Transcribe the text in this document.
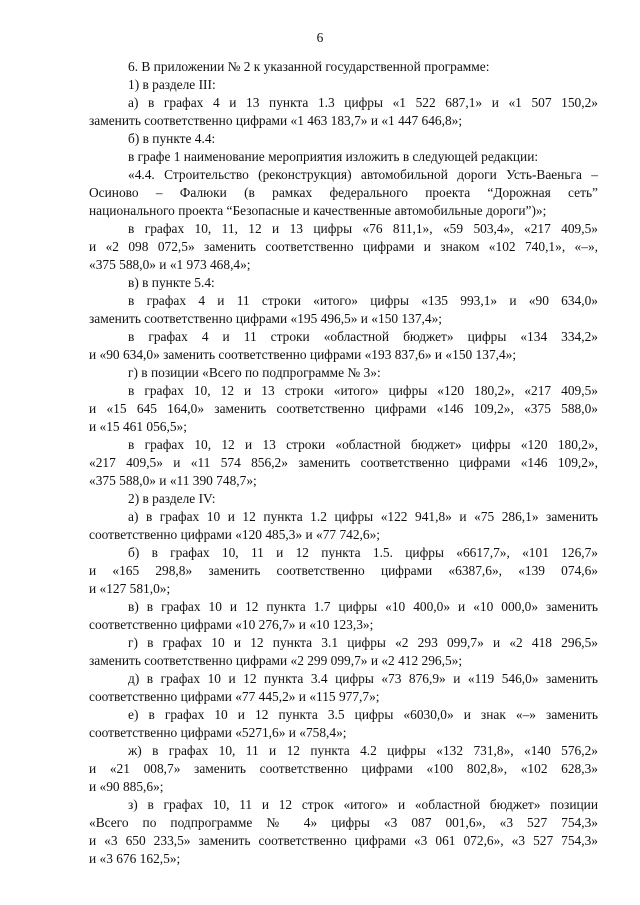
6
6. В приложении № 2 к указанной государственной программе:
1) в разделе III:
а) в графах 4 и 13 пункта 1.3 цифры «1 522 687,1» и «1 507 150,2»
заменить соответственно цифрами «1 463 183,7» и «1 447 646,8»;
б) в пункте 4.4:
в графе 1 наименование мероприятия изложить в следующей редакции:
«4.4. Строительство (реконструкция) автомобильной дороги Усть-Ваеньга –
Осиново – Фалюки (в рамках федерального проекта “Дорожная сеть”
национального проекта “Безопасные и качественные автомобильные дороги”)»;
в графах 10, 11, 12 и 13 цифры «76 811,1», «59 503,4», «217 409,5»
и «2 098 072,5» заменить соответственно цифрами и знаком «102 740,1», «–»,
«375 588,0» и «1 973 468,4»;
в) в пункте 5.4:
в графах 4 и 11 строки «итого» цифры «135 993,1» и «90 634,0»
заменить соответственно цифрами «195 496,5» и «150 137,4»;
в графах 4 и 11 строки «областной бюджет» цифры «134 334,2»
и «90 634,0» заменить соответственно цифрами «193 837,6» и «150 137,4»;
г) в позиции «Всего по подпрограмме № 3»:
в графах 10, 12 и 13 строки «итого» цифры «120 180,2», «217 409,5»
и «15 645 164,0» заменить соответственно цифрами «146 109,2», «375 588,0»
и «15 461 056,5»;
в графах 10, 12 и 13 строки «областной бюджет» цифры «120 180,2»,
«217 409,5» и «11 574 856,2» заменить соответственно цифрами «146 109,2»,
«375 588,0» и «11 390 748,7»;
2) в разделе IV:
а) в графах 10 и 12 пункта 1.2 цифры «122 941,8» и «75 286,1» заменить
соответственно цифрами «120 485,3» и «77 742,6»;
б) в графах 10, 11 и 12 пункта 1.5. цифры «6617,7», «101 126,7»
и «165 298,8» заменить соответственно цифрами «6387,6», «139 074,6»
и «127 581,0»;
в) в графах 10 и 12 пункта 1.7 цифры «10 400,0» и «10 000,0» заменить
соответственно цифрами «10 276,7» и «10 123,3»;
г) в графах 10 и 12 пункта 3.1 цифры «2 293 099,7» и «2 418 296,5»
заменить соответственно цифрами «2 299 099,7» и «2 412 296,5»;
д) в графах 10 и 12 пункта 3.4 цифры «73 876,9» и «119 546,0» заменить
соответственно цифрами «77 445,2» и «115 977,7»;
е) в графах 10 и 12 пункта 3.5 цифры «6030,0» и знак «–» заменить
соответственно цифрами «5271,6» и «758,4»;
ж) в графах 10, 11 и 12 пункта 4.2 цифры «132 731,8», «140 576,2»
и «21 008,7» заменить соответственно цифрами «100 802,8», «102 628,3»
и «90 885,6»;
з) в графах 10, 11 и 12 строк «итого» и «областной бюджет» позиции
«Всего по подпрограмме № 4» цифры «3 087 001,6», «3 527 754,3»
и «3 650 233,5» заменить соответственно цифрами «3 061 072,6», «3 527 754,3»
и «3 676 162,5»;
